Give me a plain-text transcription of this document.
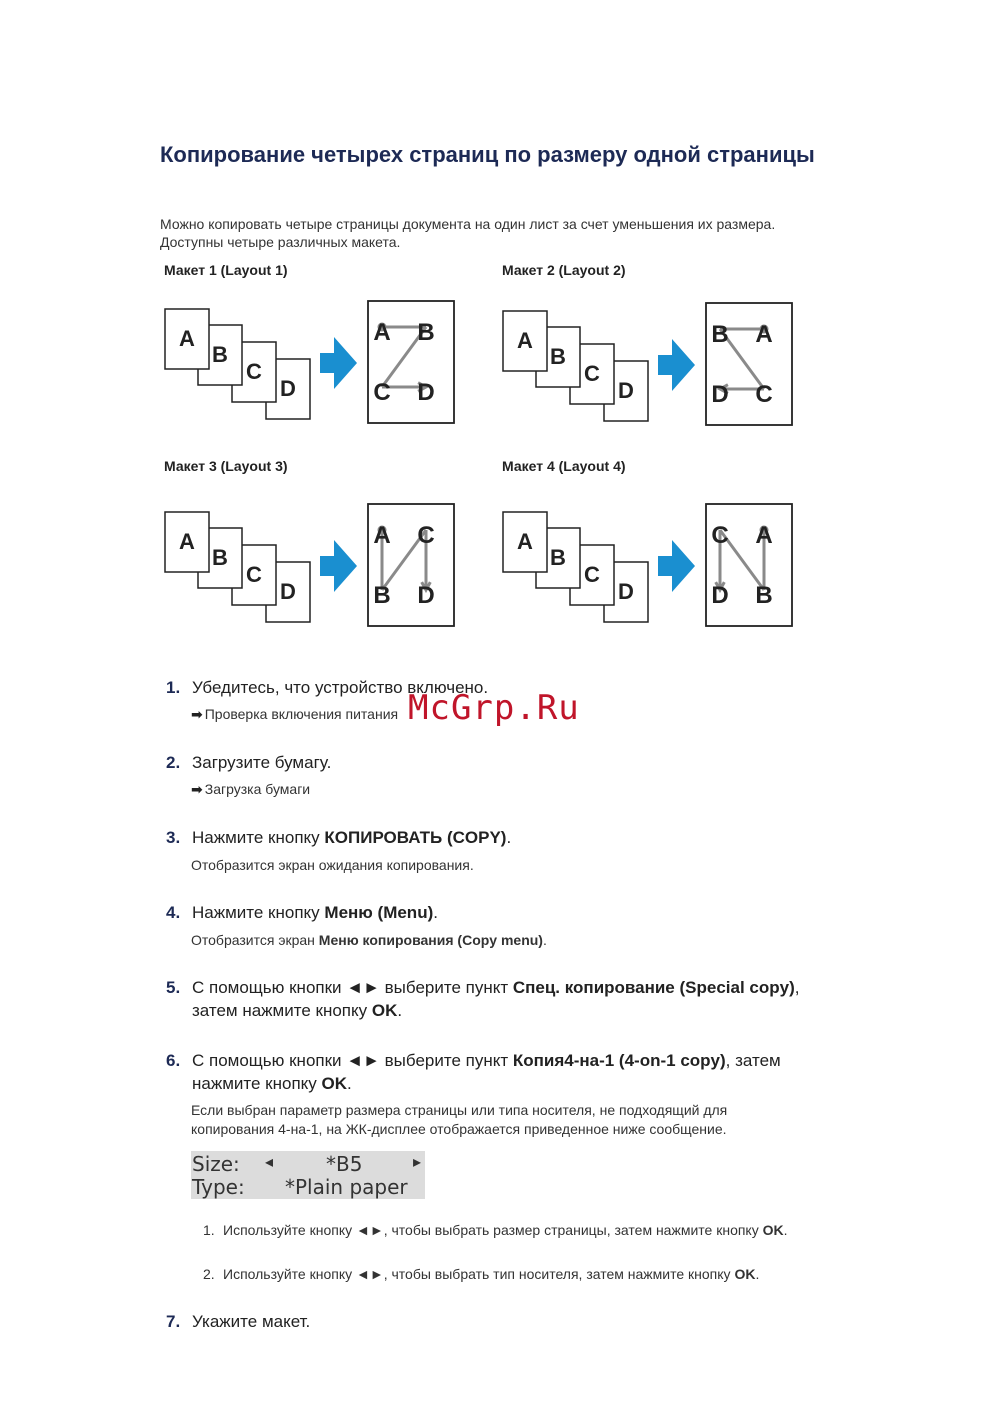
Копирование четырех страниц по размеру одной страницы
Можно копировать четыре страницы документа на один лист за счет уменьшения их размера.
Доступны четыре различных макета.
Макет 1 (Layout 1)	Макет 2 (Layout 2)
Макет 3 (Layout 3)	Макет 4 (Layout 4)
D
C
B
A	A B
C D	D
C
B
A	B A
D C
D
C
B
A	A C
B D	D
C
B
A	C A
D B
1. Убедитесь, что устройство включено.
➡ Проверка включения питания McGrp.Ru
2. Загрузите бумагу.
➡ Загрузка бумаги
3. Нажмите кнопку КОПИРОВАТЬ (COPY).
Отобразится экран ожидания копирования.
4. Нажмите кнопку Меню (Menu).
Отобразится экран Меню копирования (Copy menu).
5. С помощью кнопки ◄► выберите пункт Спец. копирование (Special copy), затем нажмите кнопку OK.
6. С помощью кнопки ◄► выберите пункт Копия4-на-1 (4-on-1 copy), затем нажмите кнопку OK.
Если выбран параметр размера страницы или типа носителя, не подходящий для копирования 4-на-1, на ЖК-дисплее отображается приведенное ниже сообщение.
Size: ◂	*B5	▸
Type: *Plain paper
1. Используйте кнопку ◄►, чтобы выбрать размер страницы, затем нажмите кнопку OK.
2. Используйте кнопку ◄►, чтобы выбрать тип носителя, затем нажмите кнопку OK.
7. Укажите макет.
